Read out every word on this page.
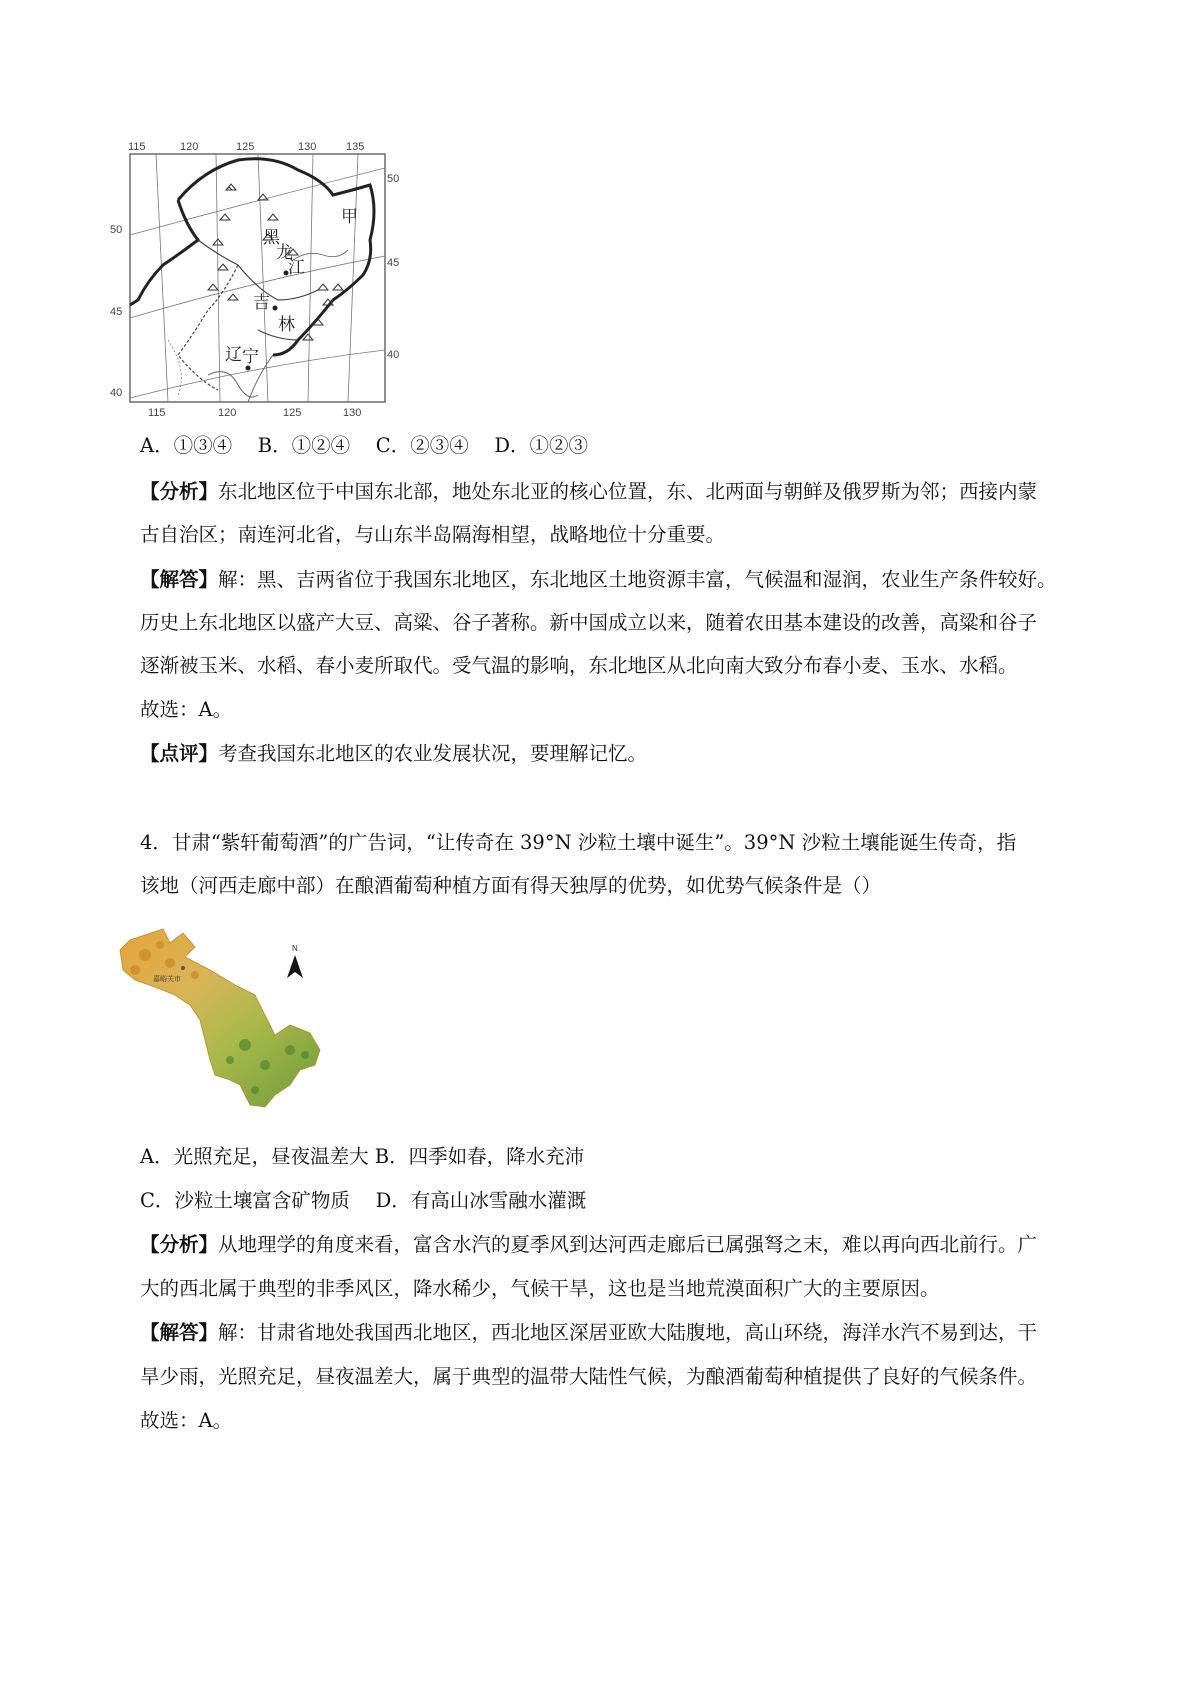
115	120	125	130	135
115	120	125	130
50
45
40
50
45
40
黑
龙
江
吉
林
辽 宁
甲
A．①③④　 B．①②④　 C．②③④　 D．①②③
【分析】东北地区位于中国东北部，地处东北亚的核心位置，东、北两面与朝鲜及俄罗斯为邻；西接内蒙
古自治区；南连河北省，与山东半岛隔海相望，战略地位十分重要。
【解答】解：黑、吉两省位于我国东北地区，东北地区土地资源丰富，气候温和湿润，农业生产条件较好。
历史上东北地区以盛产大豆、高粱、谷子著称。新中国成立以来，随着农田基本建设的改善，高粱和谷子
逐渐被玉米、水稻、春小麦所取代。受气温的影响，东北地区从北向南大致分布春小麦、玉水、水稻。
故选：A。
【点评】考查我国东北地区的农业发展状况，要理解记忆。
4．甘肃“紫轩葡萄酒”的广告词，“让传奇在 39°N 沙粒土壤中诞生”。39°N 沙粒土壤能诞生传奇，指
该地（河西走廊中部）在酿酒葡萄种植方面有得天独厚的优势，如优势气候条件是（）
嘉峪关市
N
A．光照充足，昼夜温差大 B．四季如春，降水充沛
C．沙粒土壤富含矿物质　 D．有高山冰雪融水灌溉
【分析】从地理学的角度来看，富含水汽的夏季风到达河西走廊后已属强弩之末，难以再向西北前行。广
大的西北属于典型的非季风区，降水稀少，气候干旱，这也是当地荒漠面积广大的主要原因。
【解答】解：甘肃省地处我国西北地区，西北地区深居亚欧大陆腹地，高山环绕，海洋水汽不易到达，干
旱少雨，光照充足，昼夜温差大，属于典型的温带大陆性气候，为酿酒葡萄种植提供了良好的气候条件。
故选：A。
